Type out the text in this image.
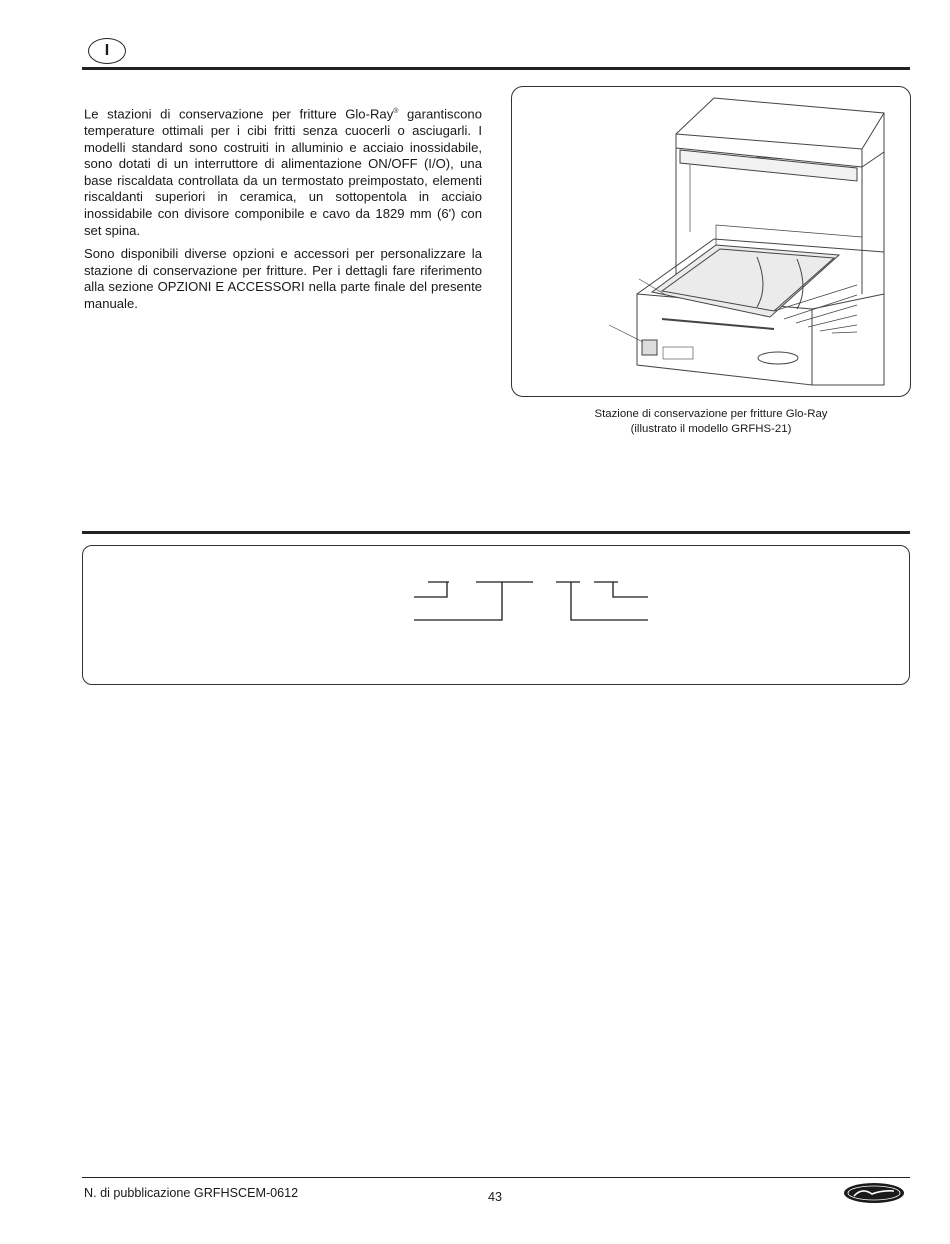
I

Le stazioni di conservazione per fritture Glo-Ray® garantiscono temperature ottimali per i cibi fritti senza cuocerli o asciugarli. I modelli standard sono costruiti in alluminio e acciaio inossidabile, sono dotati di un interruttore di alimentazione ON/OFF (I/O), una base riscaldata controllata da un termostato preimpostato, elementi riscaldanti superiori in ceramica, un sottopentola in acciaio inossidabile con divisore componibile e cavo da 1829 mm (6') con set spina.

Sono disponibili diverse opzioni e accessori per personalizzare la stazione di conservazione per fritture. Per i dettagli fare riferimento alla sezione OPZIONI E ACCESSORI nella parte finale del presente manuale.

Stazione di conservazione per fritture Glo-Ray
(illustrato il modello GRFHS-21)
N. di pubblicazione GRFHSCEM-0612	43
